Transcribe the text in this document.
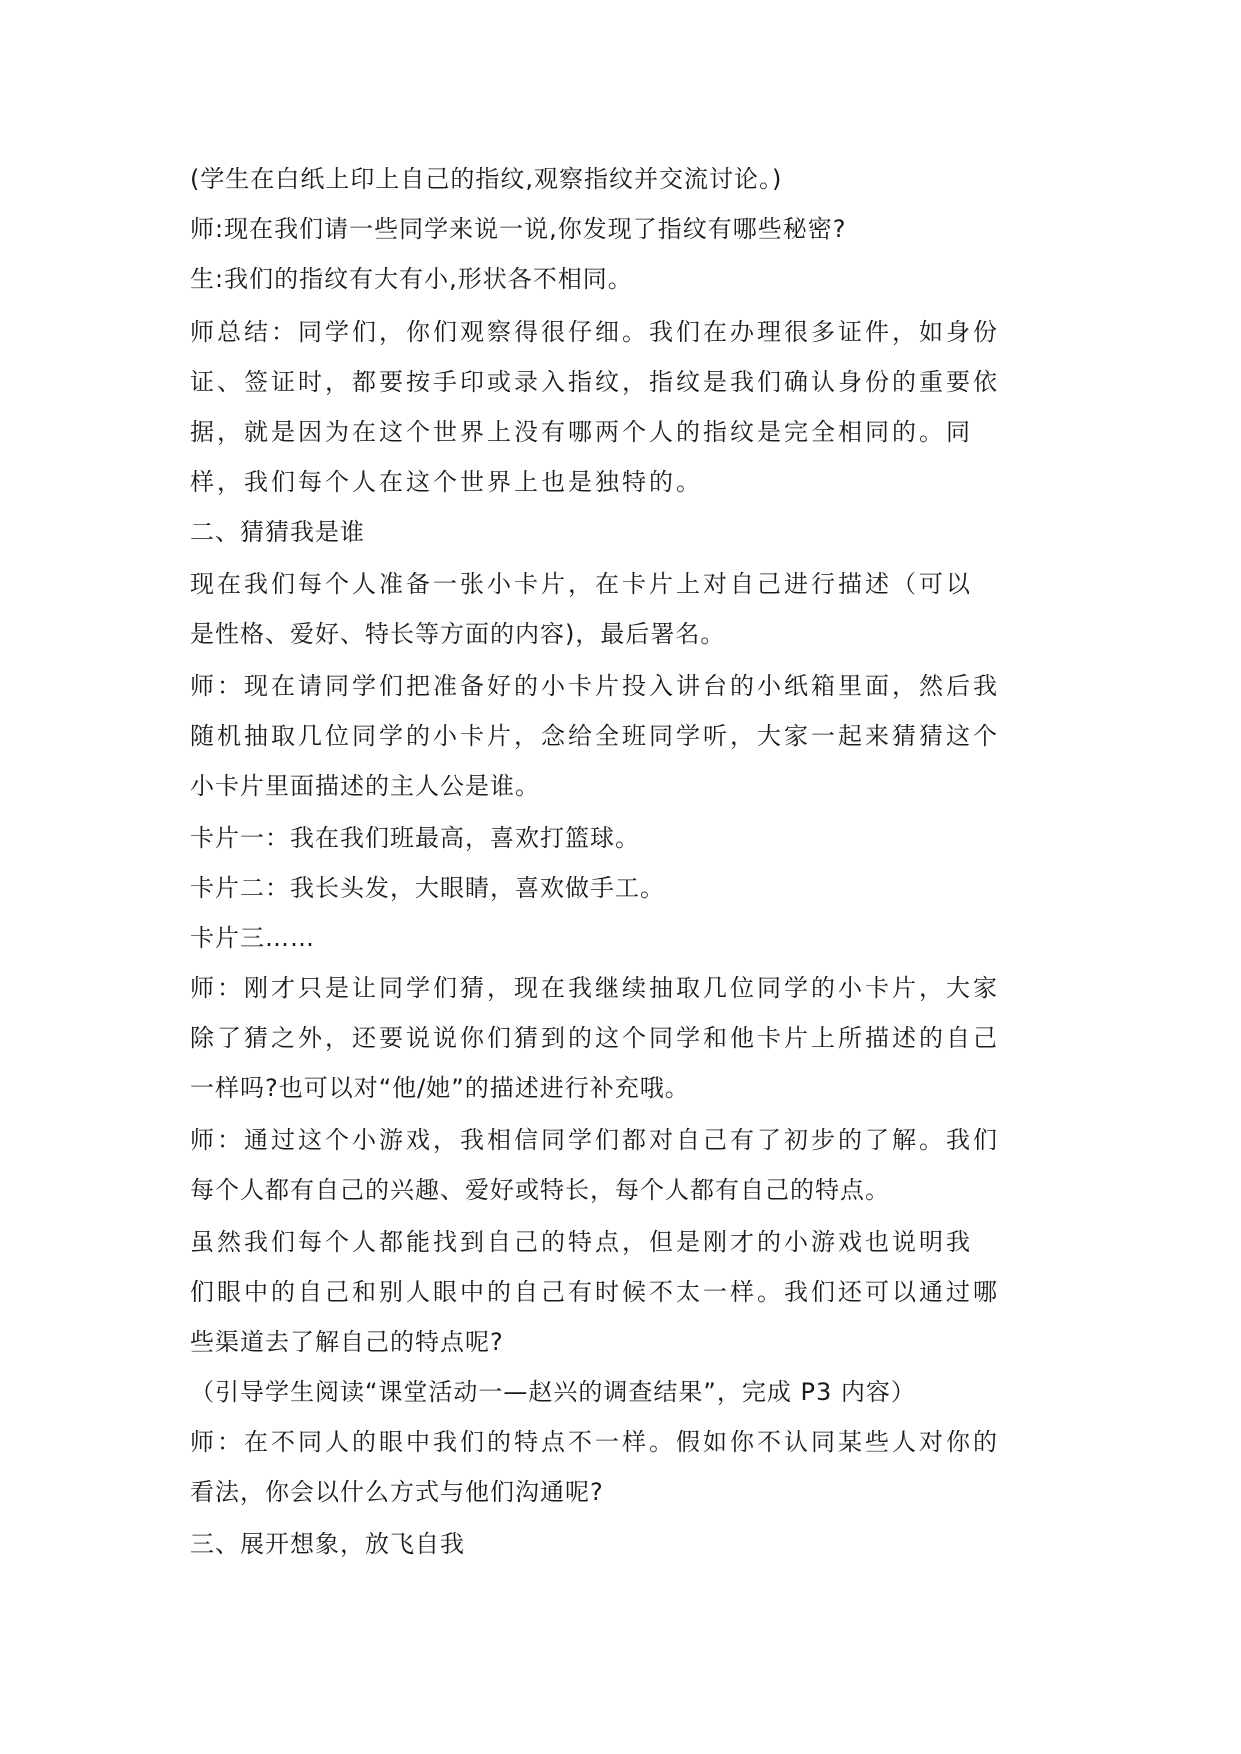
(学生在白纸上印上自己的指纹,观察指纹并交流讨论。)
师:现在我们请一些同学来说一说,你发现了指纹有哪些秘密?
生:我们的指纹有大有小,形状各不相同。
师总结：同学们，你们观察得很仔细。我们在办理很多证件，如身份
证、签证时，都要按手印或录入指纹，指纹是我们确认身份的重要依
据，就是因为在这个世界上没有哪两个人的指纹是完全相同的。同
样，我们每个人在这个世界上也是独特的。
二、猜猜我是谁
现在我们每个人准备一张小卡片，在卡片上对自己进行描述（可以
是性格、爱好、特长等方面的内容)，最后署名。
师：现在请同学们把准备好的小卡片投入讲台的小纸箱里面，然后我
随机抽取几位同学的小卡片，念给全班同学听，大家一起来猜猜这个
小卡片里面描述的主人公是谁。
卡片一：我在我们班最高，喜欢打篮球。
卡片二：我长头发，大眼睛，喜欢做手工。
卡片三……
师：刚才只是让同学们猜，现在我继续抽取几位同学的小卡片，大家
除了猜之外，还要说说你们猜到的这个同学和他卡片上所描述的自己
一样吗?也可以对“他/她”的描述进行补充哦。
师：通过这个小游戏，我相信同学们都对自己有了初步的了解。我们
每个人都有自己的兴趣、爱好或特长，每个人都有自己的特点。
虽然我们每个人都能找到自己的特点，但是刚才的小游戏也说明我
们眼中的自己和别人眼中的自己有时候不太一样。我们还可以通过哪
些渠道去了解自己的特点呢?
（引导学生阅读“课堂活动一—赵兴的调查结果”，完成 P3 内容）
师：在不同人的眼中我们的特点不一样。假如你不认同某些人对你的
看法，你会以什么方式与他们沟通呢?
三、展开想象，放飞自我
